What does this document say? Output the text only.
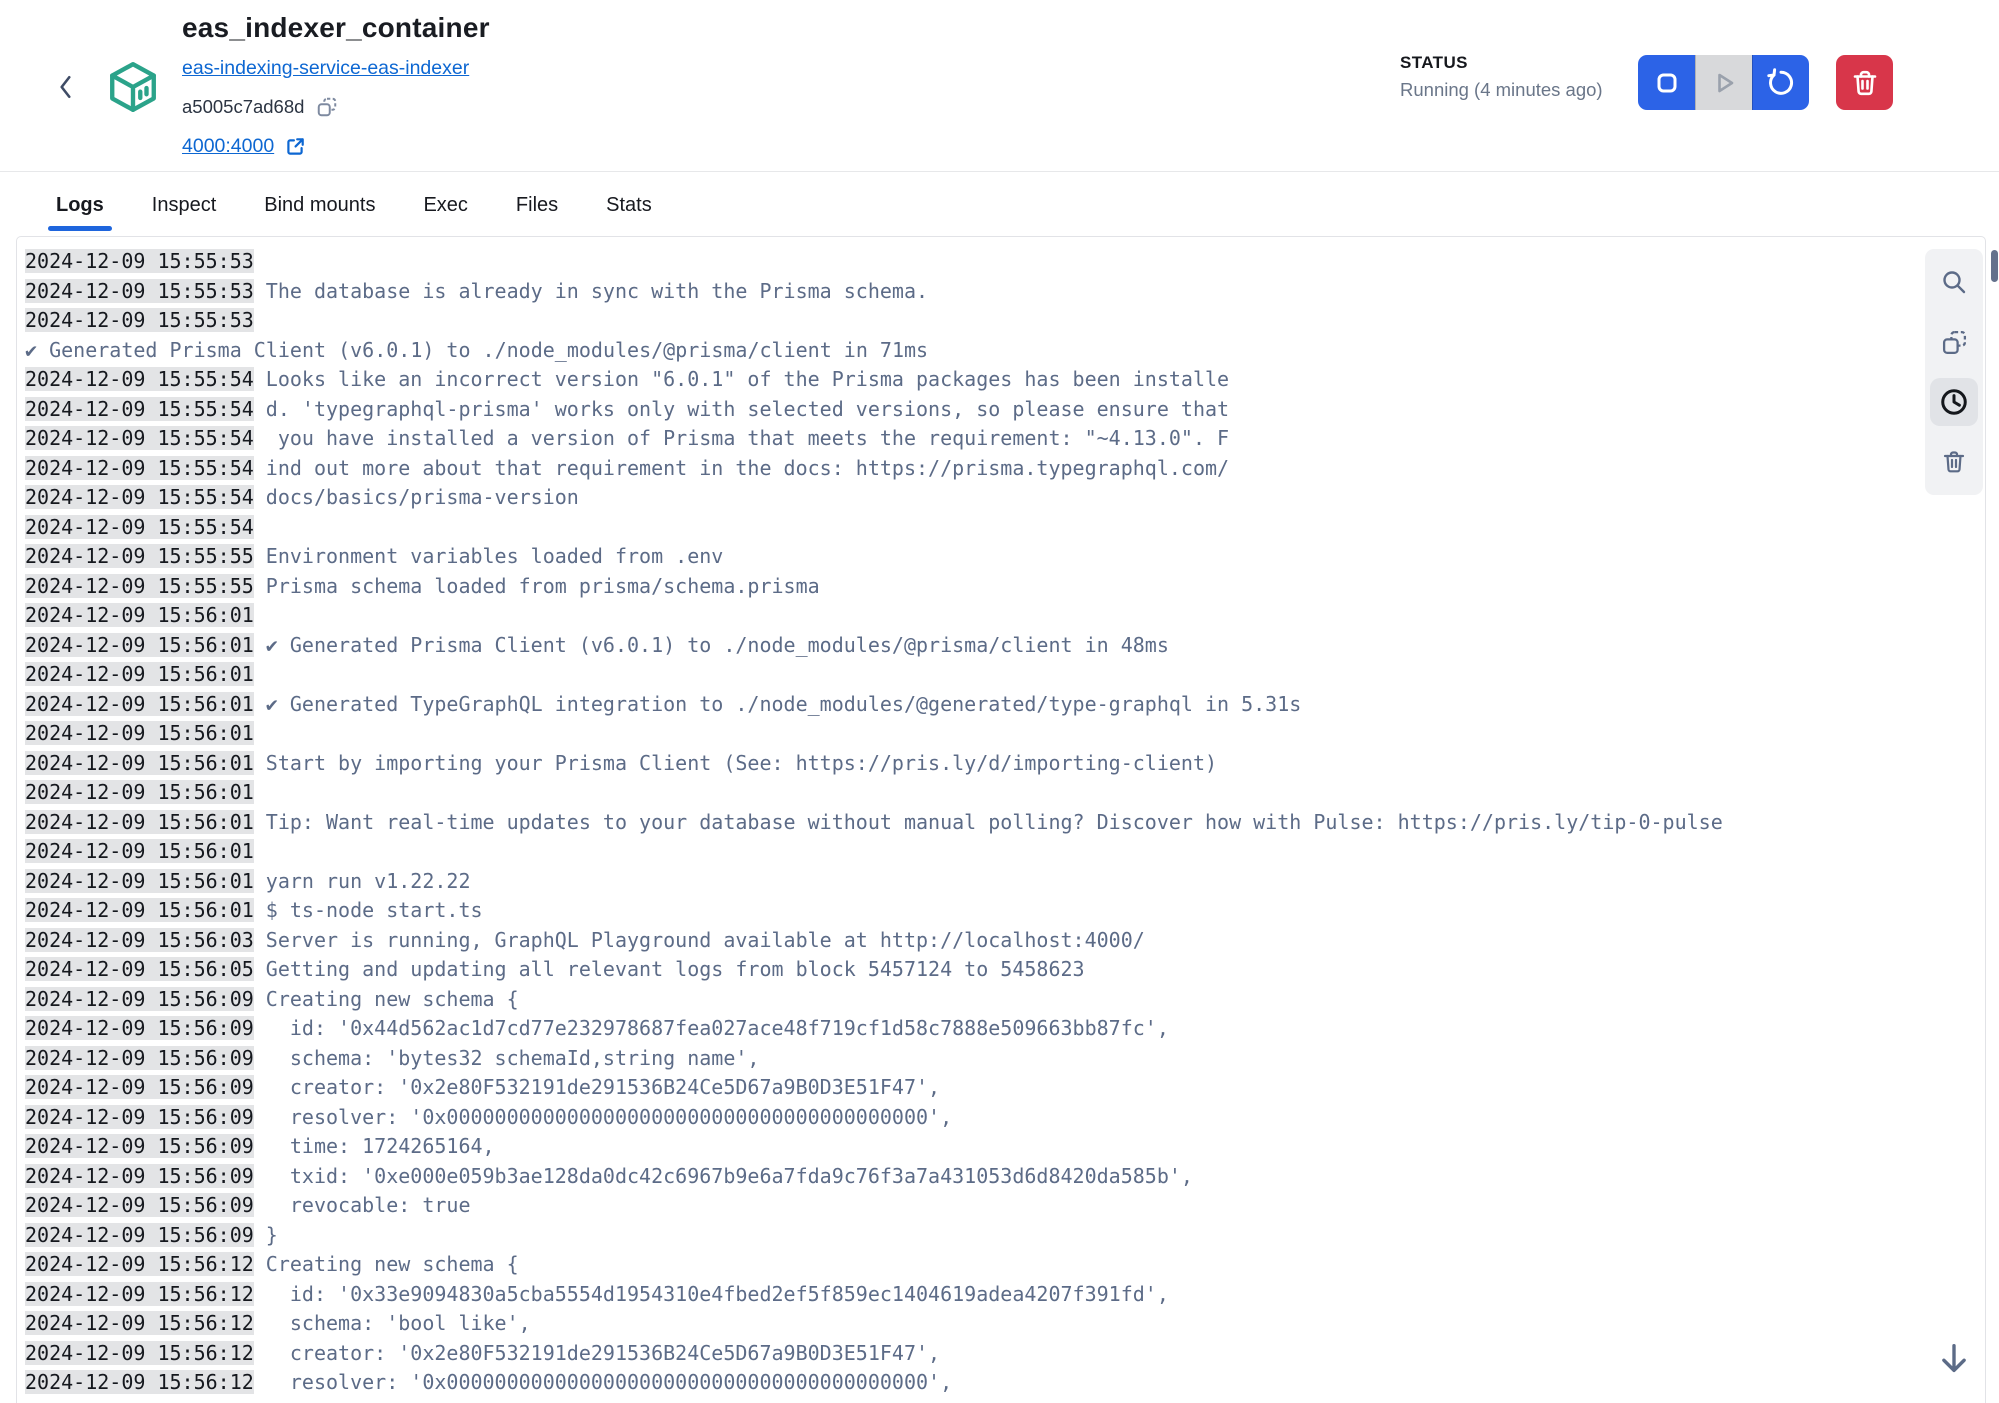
eas_indexer_container
eas-indexing-service-eas-indexer
a5005c7ad68d
4000:4000
STATUS
Running (4 minutes ago)
Logs Inspect Bind mounts Exec Files Stats
2024-12-09 15:55:53
2024-12-09 15:55:53 The database is already in sync with the Prisma schema.
2024-12-09 15:55:53
✔ Generated Prisma Client (v6.0.1) to ./node_modules/@prisma/client in 71ms
2024-12-09 15:55:54 Looks like an incorrect version "6.0.1" of the Prisma packages has been installe
2024-12-09 15:55:54 d. 'typegraphql-prisma' works only with selected versions, so please ensure that
2024-12-09 15:55:54 you have installed a version of Prisma that meets the requirement: "~4.13.0". F
2024-12-09 15:55:54 ind out more about that requirement in the docs: https://prisma.typegraphql.com/
2024-12-09 15:55:54 docs/basics/prisma-version
2024-12-09 15:55:54
2024-12-09 15:55:55 Environment variables loaded from .env
2024-12-09 15:55:55 Prisma schema loaded from prisma/schema.prisma
2024-12-09 15:56:01
2024-12-09 15:56:01 ✔ Generated Prisma Client (v6.0.1) to ./node_modules/@prisma/client in 48ms
2024-12-09 15:56:01
2024-12-09 15:56:01 ✔ Generated TypeGraphQL integration to ./node_modules/@generated/type-graphql in 5.31s
2024-12-09 15:56:01
2024-12-09 15:56:01 Start by importing your Prisma Client (See: https://pris.ly/d/importing-client)
2024-12-09 15:56:01
2024-12-09 15:56:01 Tip: Want real-time updates to your database without manual polling? Discover how with Pulse: https://pris.ly/tip-0-pulse
2024-12-09 15:56:01
2024-12-09 15:56:01 yarn run v1.22.22
2024-12-09 15:56:01 $ ts-node start.ts
2024-12-09 15:56:03 Server is running, GraphQL Playground available at http://localhost:4000/
2024-12-09 15:56:05 Getting and updating all relevant logs from block 5457124 to 5458623
2024-12-09 15:56:09 Creating new schema {
2024-12-09 15:56:09  id: '0x44d562ac1d7cd77e232978687fea027ace48f719cf1d58c7888e509663bb87fc',
2024-12-09 15:56:09  schema: 'bytes32 schemaId,string name',
2024-12-09 15:56:09  creator: '0x2e80F532191de291536B24Ce5D67a9B0D3E51F47',
2024-12-09 15:56:09  resolver: '0x0000000000000000000000000000000000000000',
2024-12-09 15:56:09  time: 1724265164,
2024-12-09 15:56:09  txid: '0xe000e059b3ae128da0dc42c6967b9e6a7fda9c76f3a7a431053d6d8420da585b',
2024-12-09 15:56:09  revocable: true
2024-12-09 15:56:09 }
2024-12-09 15:56:12 Creating new schema {
2024-12-09 15:56:12  id: '0x33e9094830a5cba5554d1954310e4fbed2ef5f859ec1404619adea4207f391fd',
2024-12-09 15:56:12  schema: 'bool like',
2024-12-09 15:56:12  creator: '0x2e80F532191de291536B24Ce5D67a9B0D3E51F47',
2024-12-09 15:56:12  resolver: '0x0000000000000000000000000000000000000000',
